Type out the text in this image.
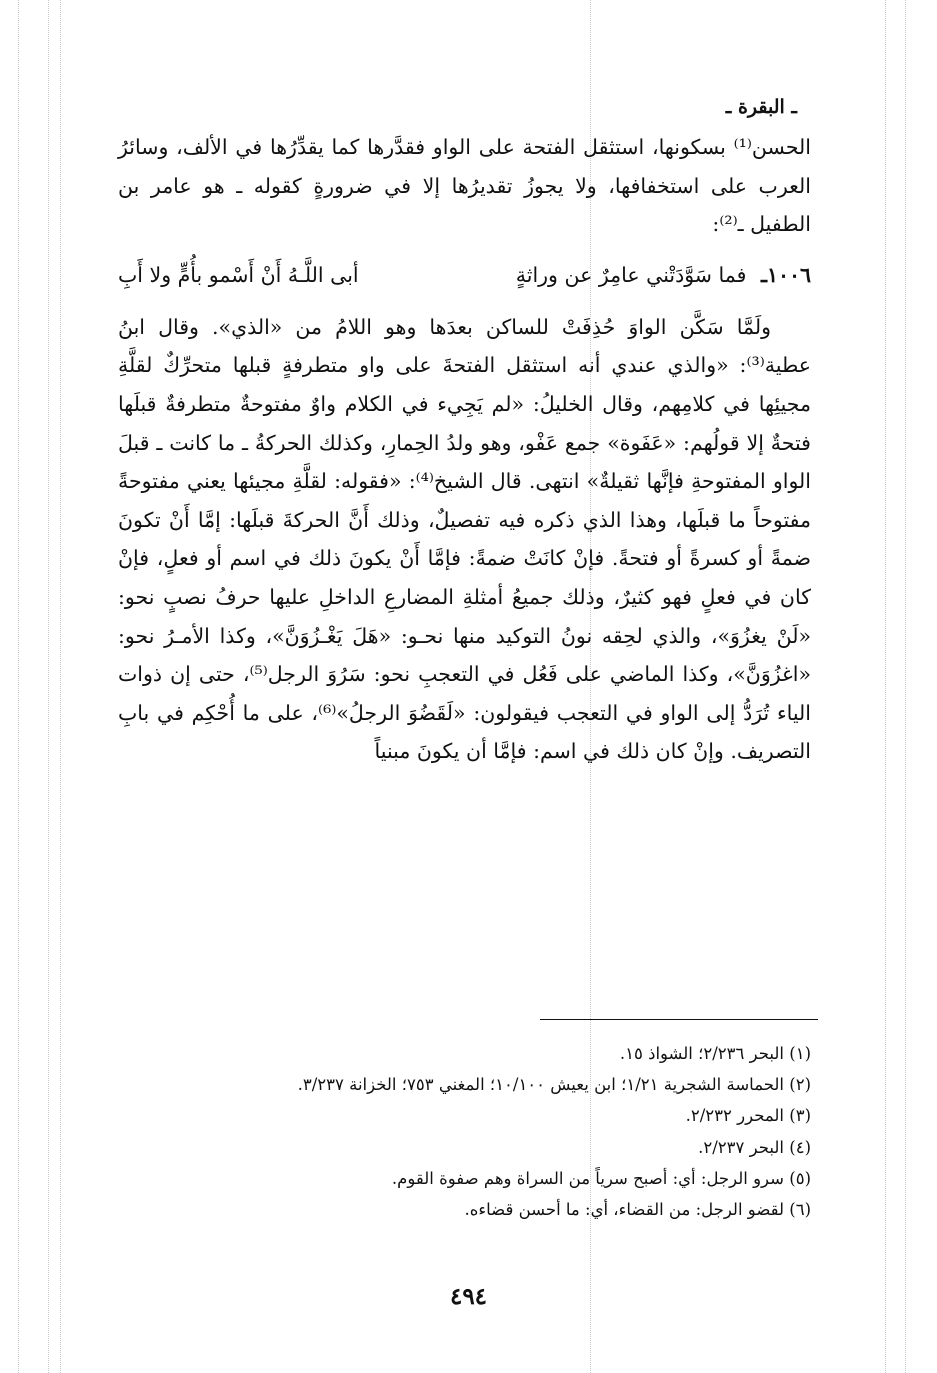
ـ البقرة ـ

الحسن⁽¹⁾ بسكونها، استثقل الفتحة على الواو فقدَّرها كما يقدِّرُها في الألف، وسائرُ العرب على استخفافها، ولا يجوزُ تقديرُها إلا في ضرورةٍ كقوله ـ هو عامر بن الطفيل ـ⁽²⁾:

١٠٠٦ـ فما سَوَّدَتْني عامِرٌ عن وراثةٍ
أبى اللَّـهُ أَنْ أَسْمو بأُمٍّ ولا أَبِ

ولَمَّا سَكَّن الواوَ حُذِفَتْ للساكن بعدَها وهو اللامُ من «الذي». وقال ابنُ عطية⁽³⁾: «والذي عندي أنه استثقل الفتحةَ على واو متطرفةٍ قبلها متحرِّكٌ لقلَّةِ مجيئِها في كلامِهم، وقال الخليلُ: «لم يَجِيء في الكلام واوٌ مفتوحةٌ متطرفةٌ قبلَها فتحةٌ إلا قولُهم: «عَفَوة» جمع عَفْو، وهو ولدُ الحِمارِ، وكذلك الحركةُ ـ ما كانت ـ قبلَ الواو المفتوحةِ فإنَّها ثقيلةٌ» انتهى. قال الشيخ⁽⁴⁾: «فقوله: لقلَّةِ مجيئها يعني مفتوحةً مفتوحاً ما قبلَها، وهذا الذي ذكره فيه تفصيلٌ، وذلك أَنَّ الحركةَ قبلَها: إمَّا أَنْ تكونَ ضمةً أو كسرةً أو فتحةً. فإنْ كانَتْ ضمةً: فإمَّا أَنْ يكونَ ذلك في اسم أو فعلٍ، فإنْ كان في فعلٍ فهو كثيرٌ، وذلك جميعُ أمثلةِ المضارعِ الداخلِ عليها حرفُ نصبٍ نحو: «لَنْ يغزُوَ»، والذي لحِقه نونُ التوكيد منها نحـو: «هَلَ يَغْـزُوَنَّ»، وكذا الأمـرُ نحو: «اغزُوَنَّ»، وكذا الماضي على فَعُل في التعجبِ نحو: سَرُوَ الرجل⁽⁵⁾، حتى إن ذوات الياء تُرَدُّ إلى الواو في التعجب فيقولون: «لَقَضُوَ الرجلُ»⁽⁶⁾، على ما أُحْكِم في بابِ التصريف. وإنْ كان ذلك في اسم: فإمَّا أن يكونَ مبنياً

(١) البحر ٢/٢٣٦؛ الشواذ ١٥.
(٢) الحماسة الشجرية ١/٢١؛ ابن يعيش ١٠/١٠٠؛ المغني ٧٥٣؛ الخزانة ٣/٢٣٧.
(٣) المحرر ٢/٢٣٢.
(٤) البحر ٢/٢٣٧.
(٥) سرو الرجل: أي: أصبح سرياً من السراة وهم صفوة القوم.
(٦) لقضو الرجل: من القضاء، أي: ما أحسن قضاءه.
٤٩٤
